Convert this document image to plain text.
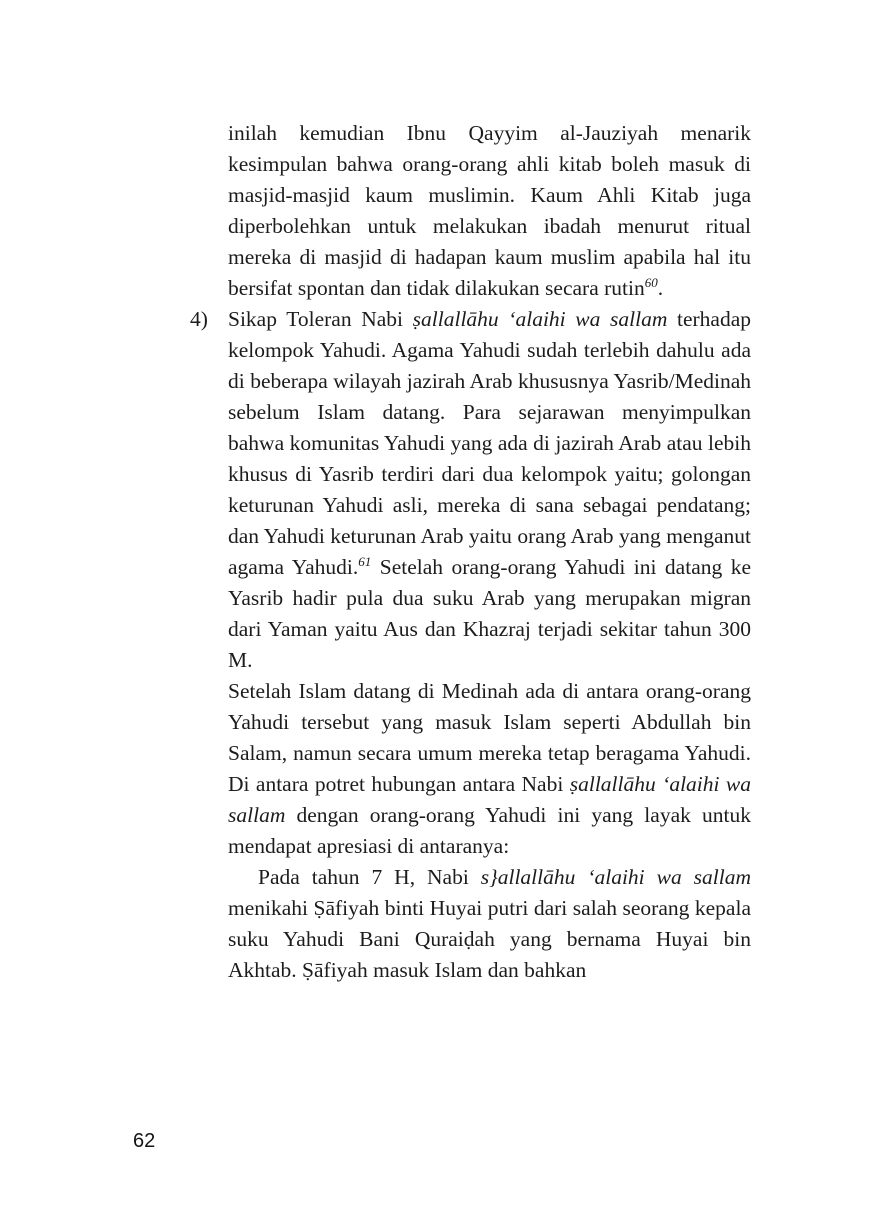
inilah kemudian Ibnu Qayyim al-Jauziyah menarik kesimpulan bahwa orang-orang ahli kitab boleh masuk di masjid-masjid kaum muslimin. Kaum Ahli Kitab juga diperbolehkan untuk melakukan ibadah menurut ritual mereka di masjid di hadapan kaum muslim apabila hal itu bersifat spontan dan tidak dilakukan secara rutin$^{60}$.
4) Sikap Toleran Nabi ṣallallāhu ‘alaihi wa sallam terhadap kelompok Yahudi. Agama Yahudi sudah terlebih dahulu ada di beberapa wilayah jazirah Arab khususnya Yasrib/Medinah sebelum Islam datang. Para sejarawan menyimpulkan bahwa komunitas Yahudi yang ada di jazirah Arab atau lebih khusus di Yasrib terdiri dari dua kelompok yaitu; golongan keturunan Yahudi asli, mereka di sana sebagai pendatang; dan Yahudi keturunan Arab yaitu orang Arab yang menganut agama Yahudi.$^{61}$ Setelah orang-orang Yahudi ini datang ke Yasrib hadir pula dua suku Arab yang merupakan migran dari Yaman yaitu Aus dan Khazraj terjadi sekitar tahun 300 M.
Setelah Islam datang di Medinah ada di antara orang-orang Yahudi tersebut yang masuk Islam seperti Abdullah bin Salam, namun secara umum mereka tetap beragama Yahudi. Di antara potret hubungan antara Nabi ṣallallāhu ‘alaihi wa sallam dengan orang-orang Yahudi ini yang layak untuk mendapat apresiasi di antaranya:
Pada tahun 7 H, Nabi s}allallāhu ‘alaihi wa sallam menikahi Ṣāfiyah binti Huyai putri dari salah seorang kepala suku Yahudi Bani Quraiḍah yang bernama Huyai bin Akhtab. Ṣāfiyah masuk Islam dan bahkan
62
